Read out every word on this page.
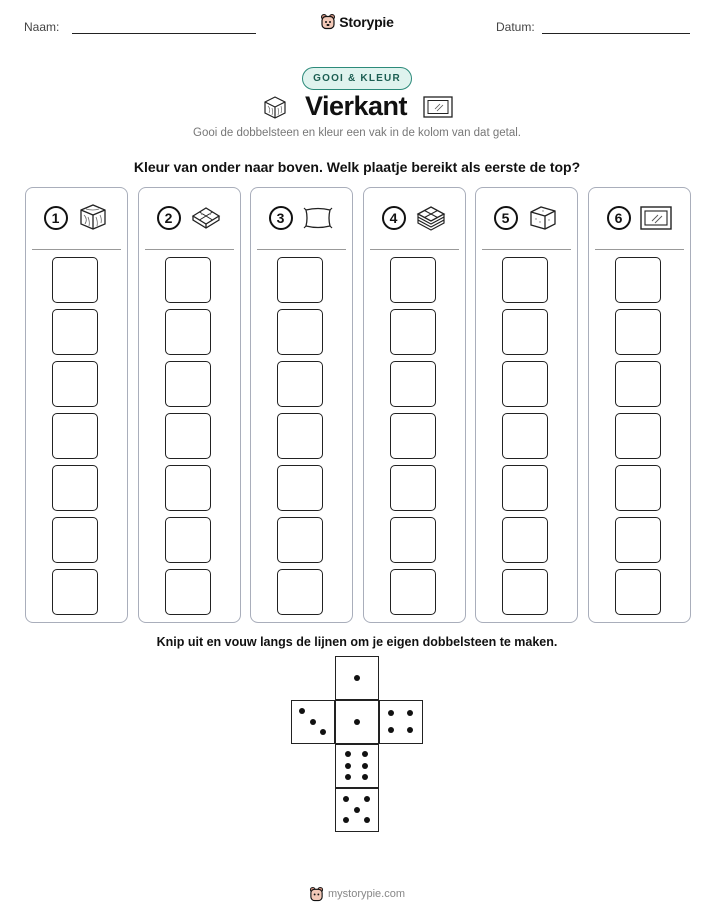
Naam:	Storypie	Datum:
GOOI & KLEUR
Vierkant
Gooi de dobbelsteen en kleur een vak in de kolom van dat getal.
Kleur van onder naar boven. Welk plaatje bereikt als eerste de top?
1	2	3	4	5	6
Knip uit en vouw langs de lijnen om je eigen dobbelsteen te maken.
mystorypie.com
